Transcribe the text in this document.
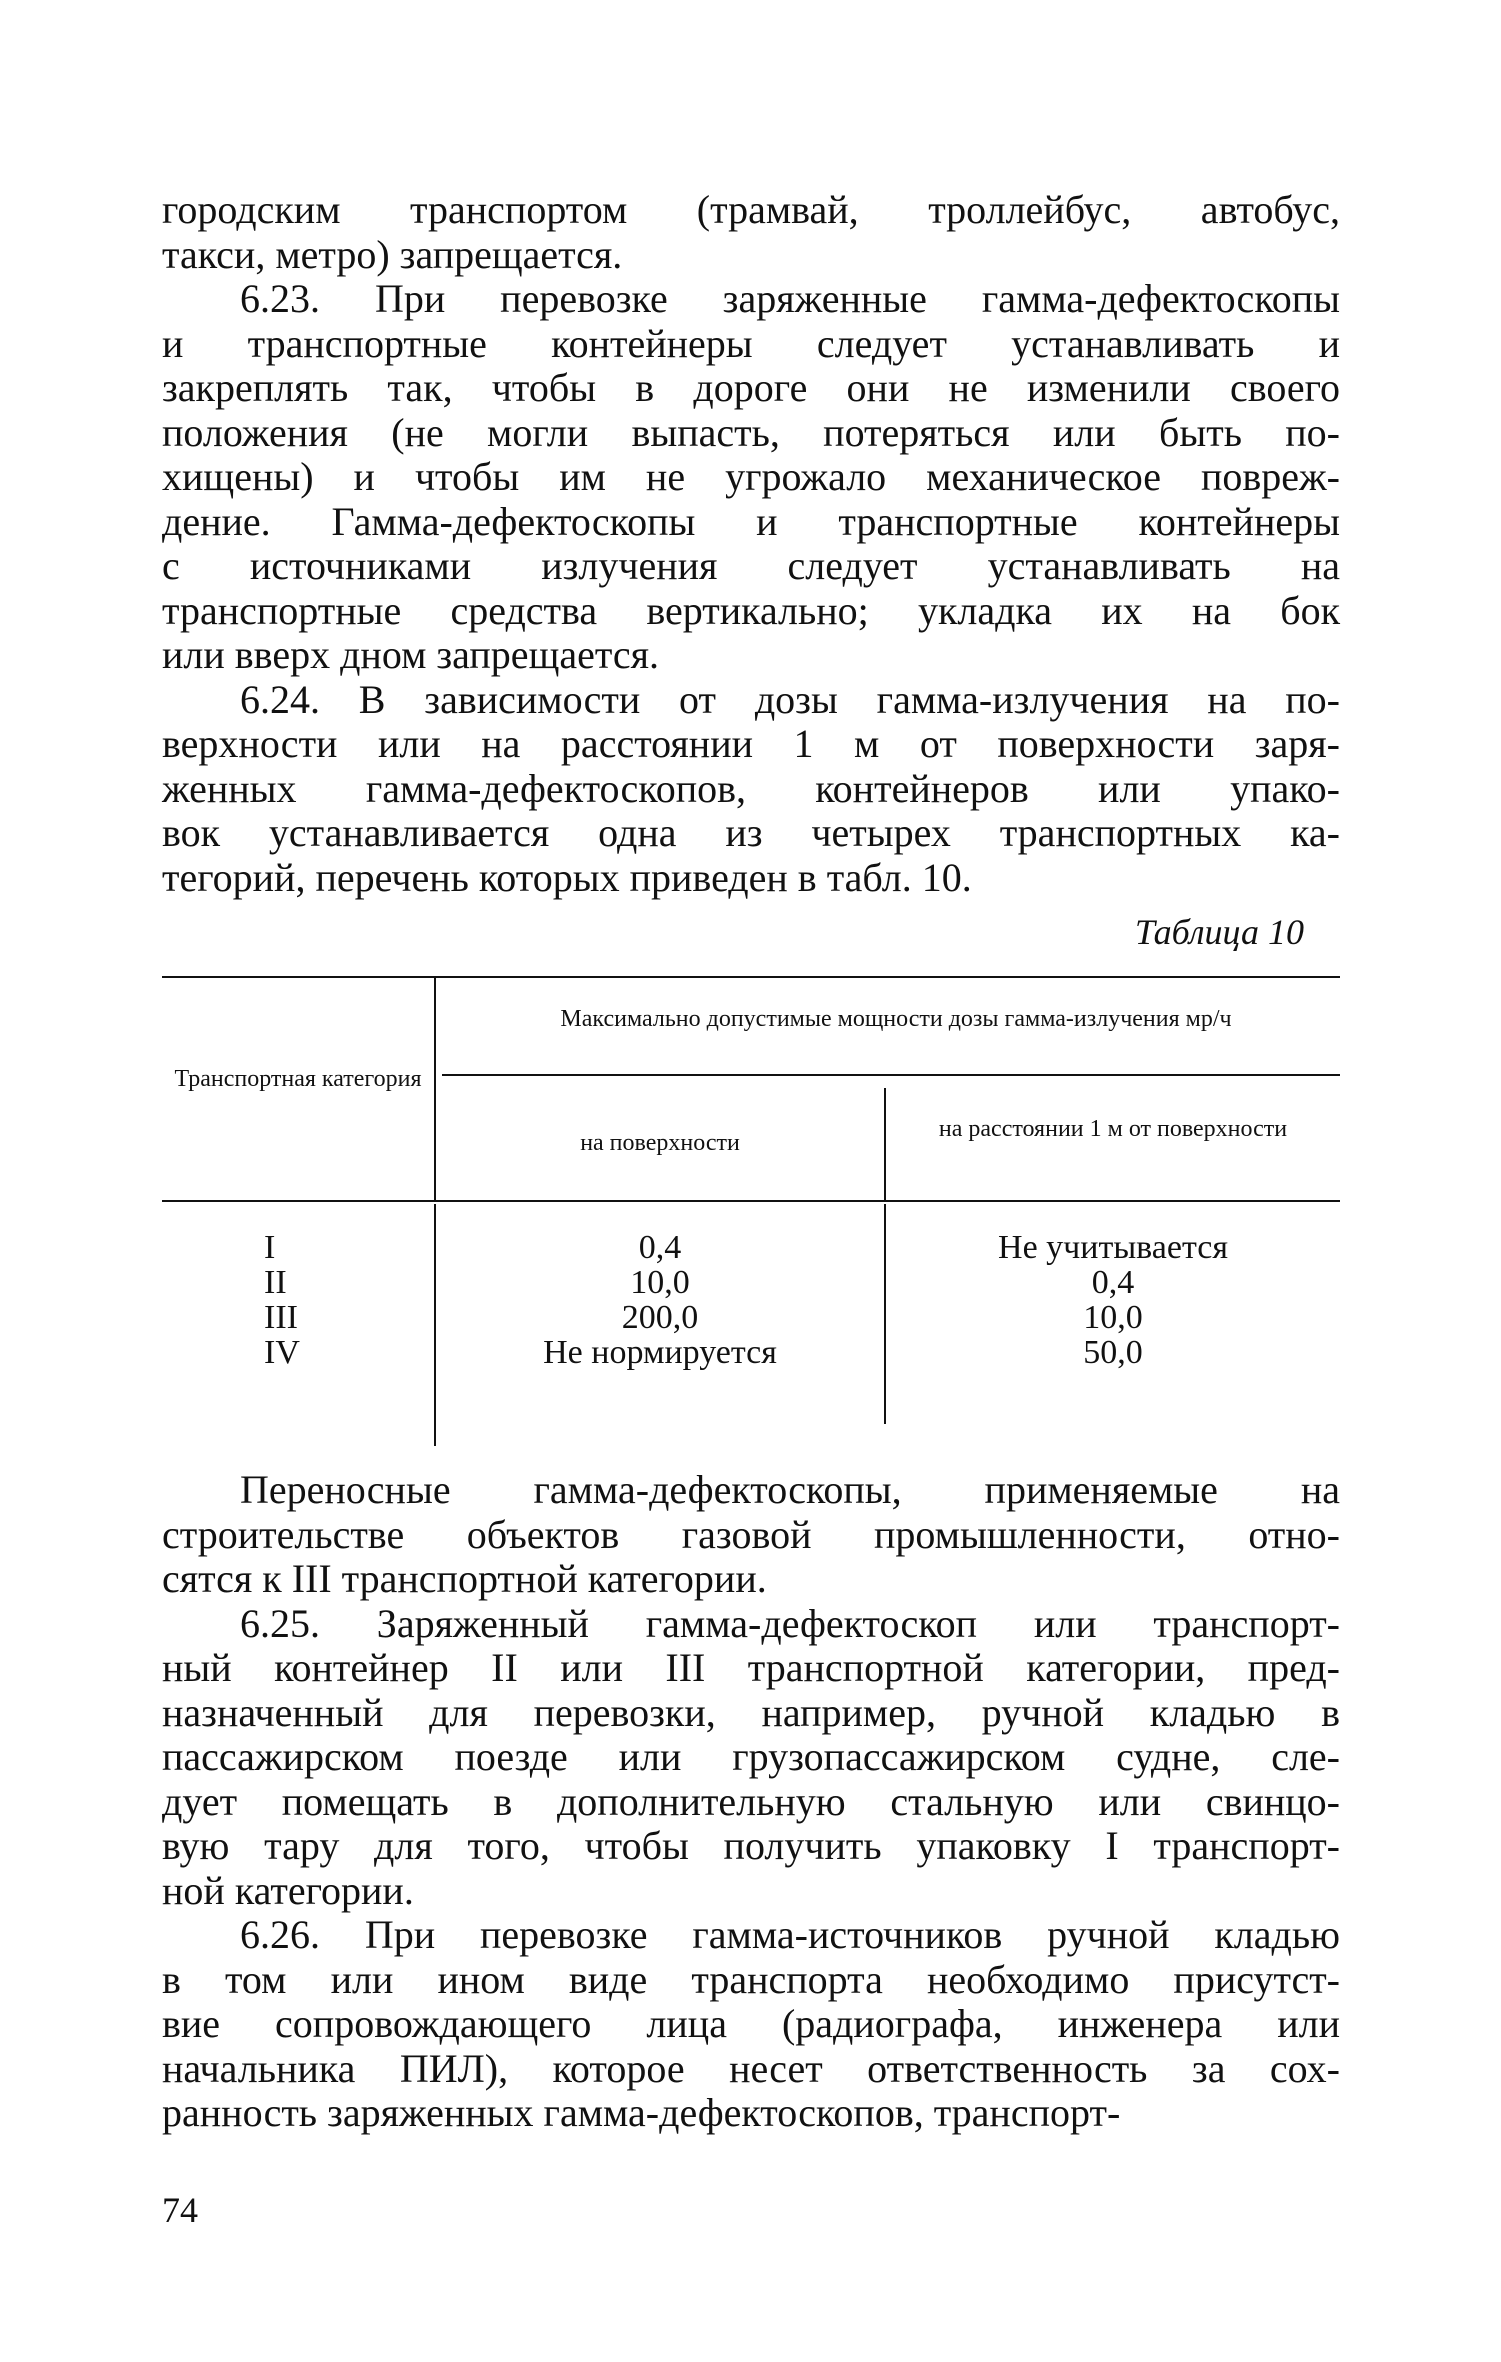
городским транспортом (трамвай, троллейбус, автобус,
такси, метро) запрещается.
6.23. При перевозке заряженные гамма-дефектоскопы
и транспортные контейнеры следует устанавливать и
закреплять так, чтобы в дороге они не изменили своего
положения (не могли выпасть, потеряться или быть по-
хищены) и чтобы им не угрожало механическое повреж-
дение. Гамма-дефектоскопы и транспортные контейнеры
с источниками излучения следует устанавливать на
транспортные средства вертикально; укладка их на бок
или вверх дном запрещается.
6.24. В зависимости от дозы гамма-излучения на по-
верхности или на расстоянии 1 м от поверхности заря-
женных гамма-дефектоскопов, контейнеров или упако-
вок устанавливается одна из четырех транспортных ка-
тегорий, перечень которых приведен в табл. 10.
Таблица 10
Транспортная категория
Максимально допустимые мощности дозы гамма-излучения мр/ч
на поверхности
на расстоянии 1 м от поверхности
I
II
III
IV
0,4
10,0
200,0
Не нормируется
Не учитывается
0,4
10,0
50,0
Переносные гамма-дефектоскопы, применяемые на
строительстве объектов газовой промышленности, отно-
сятся к III транспортной категории.
6.25. Заряженный гамма-дефектоскоп или транспорт-
ный контейнер II или III транспортной категории, пред-
назначенный для перевозки, например, ручной кладью в
пассажирском поезде или грузопассажирском судне, сле-
дует помещать в дополнительную стальную или свинцо-
вую тару для того, чтобы получить упаковку I транспорт-
ной категории.
6.26. При перевозке гамма-источников ручной кладью
в том или ином виде транспорта необходимо присутст-
вие сопровождающего лица (радиографа, инженера или
начальника ПИЛ), которое несет ответственность за сох-
ранность заряженных гамма-дефектоскопов, транспорт-
74
